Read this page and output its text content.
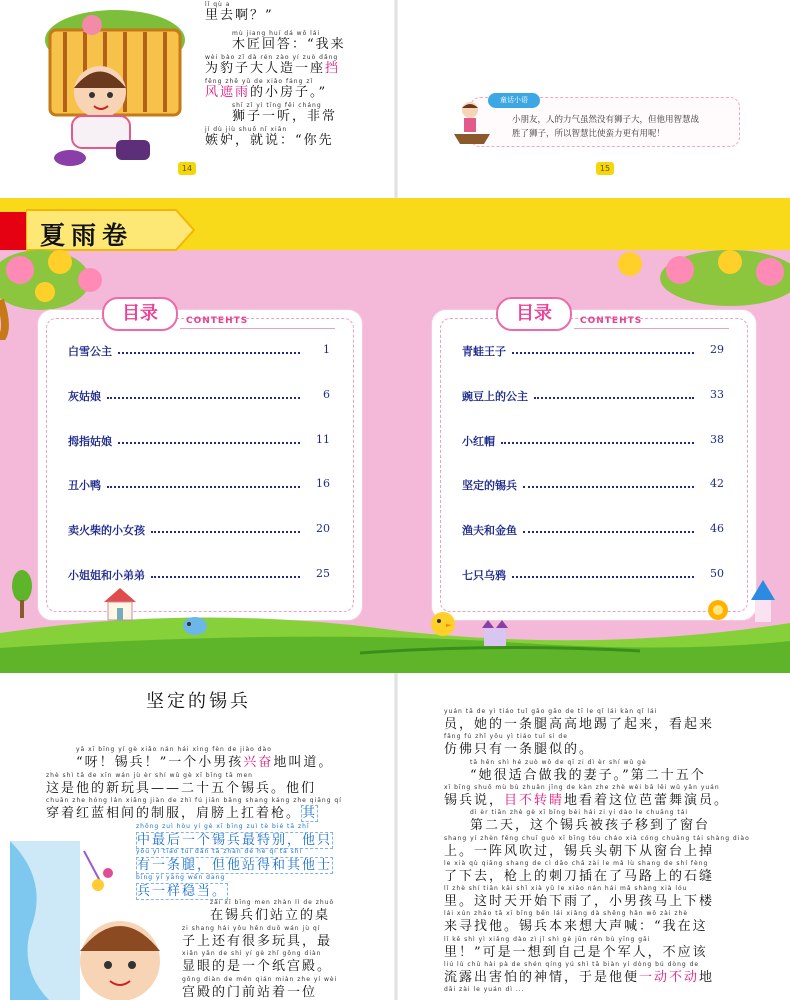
lǐ qù a
里去啊？”
mù jiang huí dá wǒ lái
木匠回答：“我来
wèi bào zǐ dà rén zào yí zuò dǎng
为豹子大人造一座挡
fēng zhē yǔ de xiǎo fáng zǐ
风遮雨的小房子。”
shī zǐ yì tīng fēi cháng
狮子一听，非常
jí dù jiù shuō nǐ xiān
嫉妒，就说：“你先
14
童话小语
小朋友，人的力气虽然没有狮子大，但他用智慧战
胜了狮子，所以智慧比使蛮力更有用呢！
15
夏雨卷
目录	CONTEHTS
白雪公主	1
灰姑娘	6
拇指姑娘	11
丑小鸭	16
卖火柴的小女孩	20
小姐姐和小弟弟	25
目录	CONTEHTS
青蛙王子	29
豌豆上的公主	33
小红帽	38
坚定的锡兵	42
渔夫和金鱼	46
七只乌鸦	50
坚定的锡兵
yā xī bīng yí gè xiǎo nán hái xìng fèn de jiào dào
“呀！锡兵！”一个小男孩兴奋地叫道。
zhè shì tā de xīn wán jù èr shí wǔ gè xī bīng tā men
这是他的新玩具——二十五个锡兵。他们
chuān zhe hóng lán xiāng jiàn de zhì fú jiān bǎng shang káng zhe qiāng qí
穿着红蓝相间的制服，肩膀上扛着枪。其
zhōng zuì hòu yí gè xī bīng zuì tè bié tā zhǐ
中最后一个锡兵最特别，他只
yǒu yì tiáo tuǐ dàn tā zhàn de hé qí tā shì
有一条腿，但他站得和其他士
bīng yí yàng wěn dang
兵一样稳当。
zài xī bīng men zhàn lì de zhuō
在锡兵们站立的桌
zi shang hái yǒu hěn duō wán jù qí
子上还有很多玩具，最
xiǎn yǎn de shì yí gè zhǐ gōng diàn
显眼的是一个纸宫殿。
gōng diàn de mén qián miàn zhe yí wèi
宫殿的门前站着一位
yuán tā de yì tiáo tuǐ gāo gāo de tī le qǐ lái kàn qǐ lái
员，她的一条腿高高地踢了起来，看起来
fǎng fú zhǐ yǒu yì tiáo tuǐ sì de
仿佛只有一条腿似的。
tā hěn shì hé zuò wǒ de qī zi dì èr shí wǔ gè
“她很适合做我的妻子。”第二十五个
xī bīng shuō mù bù zhuǎn jīng de kàn zhe zhè wèi bā lěi wǔ yǎn yuán
锡兵说，目不转睛地看着这位芭蕾舞演员。
dì èr tiān zhè gè xī bīng bèi hái zi yí dào le chuāng tái
第二天，这个锡兵被孩子移到了窗台
shang yí zhèn fēng chuī guò xī bīng tóu cháo xià cóng chuāng tái shàng diào
上。一阵风吹过，锡兵头朝下从窗台上掉
le xià qù qiāng shang de cì dāo chā zài le mǎ lù shang de shí fèng
了下去，枪上的刺刀插在了马路上的石缝
lǐ zhè shí tiān kāi shǐ xià yǔ le xiǎo nán hái mǎ shàng xià lóu
里。这时天开始下雨了，小男孩马上下楼
lái xún zhǎo tā xī bīng běn lái xiǎng dà shēng hǎn wǒ zài zhè
来寻找他。锡兵本来想大声喊：“我在这
lǐ kě shì yì xiǎng dào zì jǐ shì gè jūn rén bù yīng gāi
里！”可是一想到自己是个军人，不应该
liú lù chū hài pà de shén qíng yú shì tā biàn yí dòng bú dòng de
流露出害怕的神情，于是他便一动不动地
dāi zài le yuán dì ...
